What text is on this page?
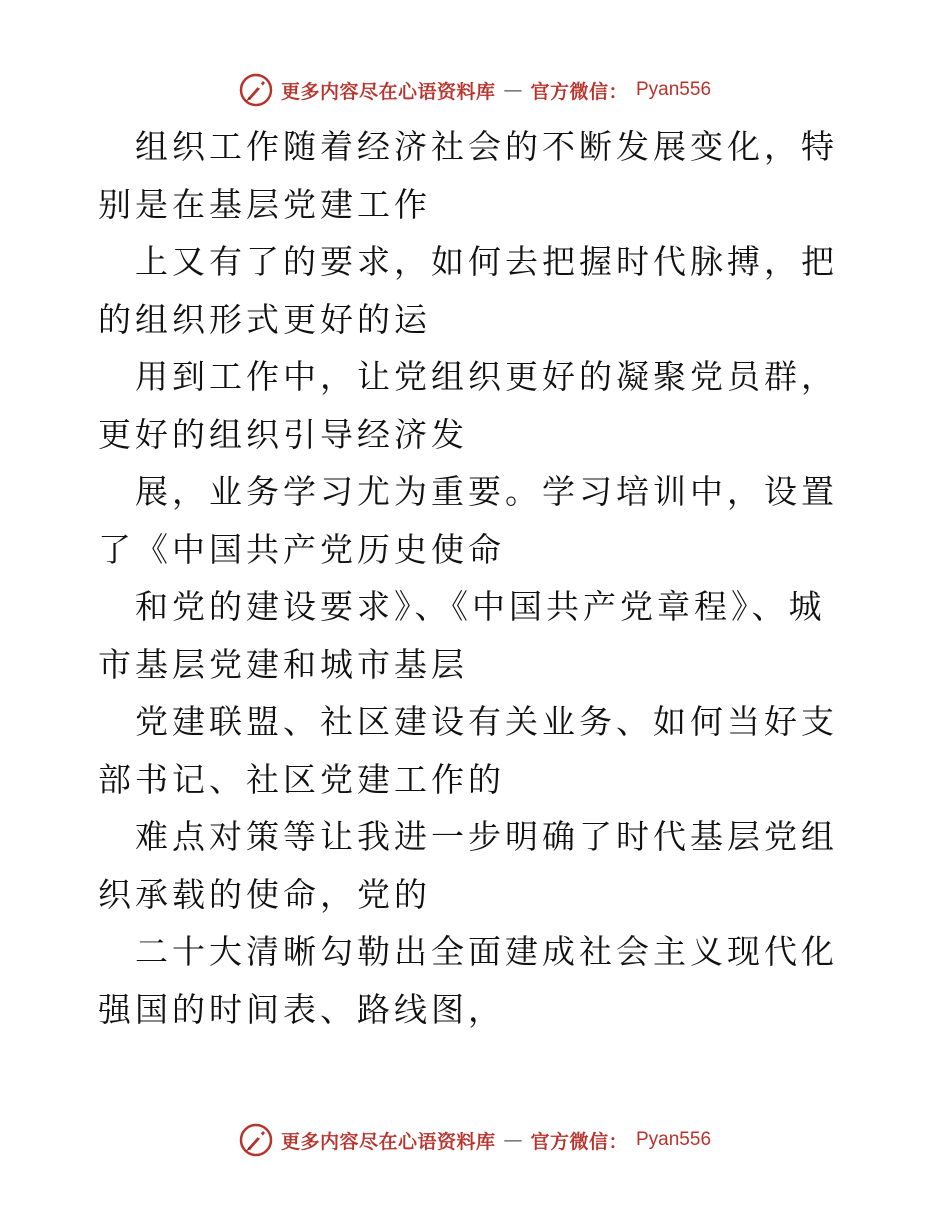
更多内容尽在心语资料库 — 官方微信： Pyan556

组织工作随着经济社会的不断发展变化，特别是在基层党建工作

上又有了的要求，如何去把握时代脉搏，把的组织形式更好的运

用到工作中，让党组织更好的凝聚党员群，更好的组织引导经济发

展，业务学习尤为重要。学习培训中，设置了《中国共产党历史使命

和党的建设要求》、《中国共产党章程》、城市基层党建和城市基层

党建联盟、社区建设有关业务、如何当好支部书记、社区党建工作的

难点对策等让我进一步明确了时代基层党组织承载的使命，党的

二十大清晰勾勒出全面建成社会主义现代化强国的时间表、路线图，

更多内容尽在心语资料库 — 官方微信： Pyan556
